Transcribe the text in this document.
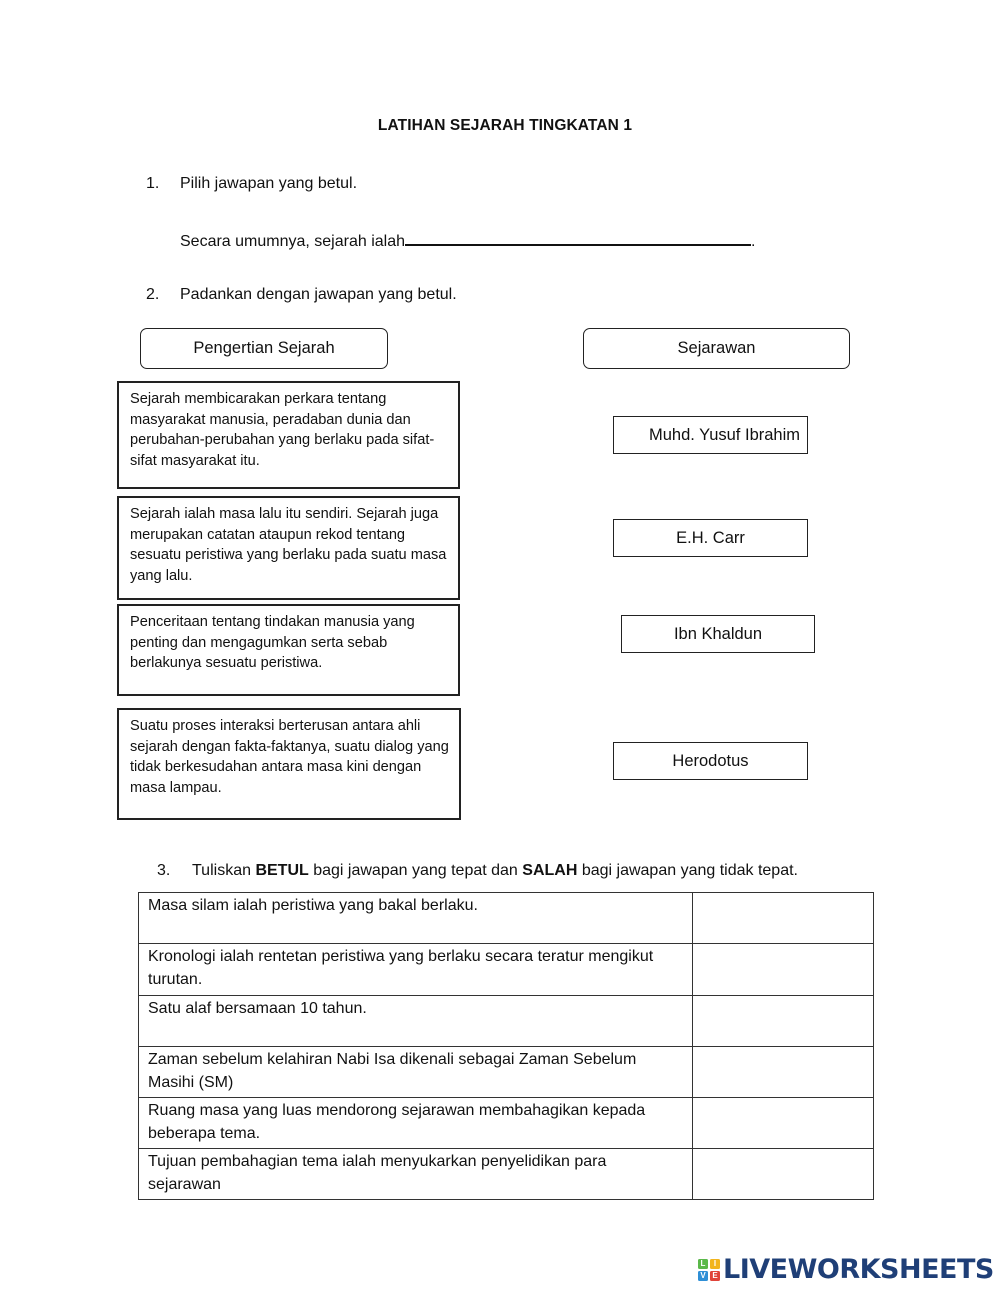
LATIHAN SEJARAH TINGKATAN 1
1. Pilih jawapan yang betul.
Secara umumnya, sejarah ialah	.
2. Padankan dengan jawapan yang betul.
Pengertian Sejarah	Sejarawan
Sejarah membicarakan perkara tentang masyarakat manusia, peradaban dunia dan perubahan-perubahan yang berlaku pada sifat-sifat masyarakat itu.
Sejarah ialah masa lalu itu sendiri. Sejarah juga merupakan catatan ataupun rekod tentang sesuatu peristiwa yang berlaku pada suatu masa yang lalu.
Penceritaan tentang tindakan manusia yang penting dan mengagumkan serta sebab berlakunya sesuatu peristiwa.
Suatu proses interaksi berterusan antara ahli sejarah dengan fakta-faktanya, suatu dialog yang tidak berkesudahan antara masa kini dengan masa lampau.
Muhd. Yusuf Ibrahim
E.H. Carr
Ibn Khaldun
Herodotus
3. Tuliskan BETUL bagi jawapan yang tepat dan SALAH bagi jawapan yang tidak tepat.
Masa silam ialah peristiwa yang bakal berlaku.	
Kronologi ialah rentetan peristiwa yang berlaku secara teratur mengikut turutan.	
Satu alaf bersamaan 10 tahun.	
Zaman sebelum kelahiran Nabi Isa dikenali sebagai Zaman Sebelum Masihi (SM)	
Ruang masa yang luas mendorong sejarawan membahagikan kepada beberapa tema.	
Tujuan pembahagian tema ialah menyukarkan penyelidikan para sejarawan	
L	I
V E LIVEWORKSHEETS
